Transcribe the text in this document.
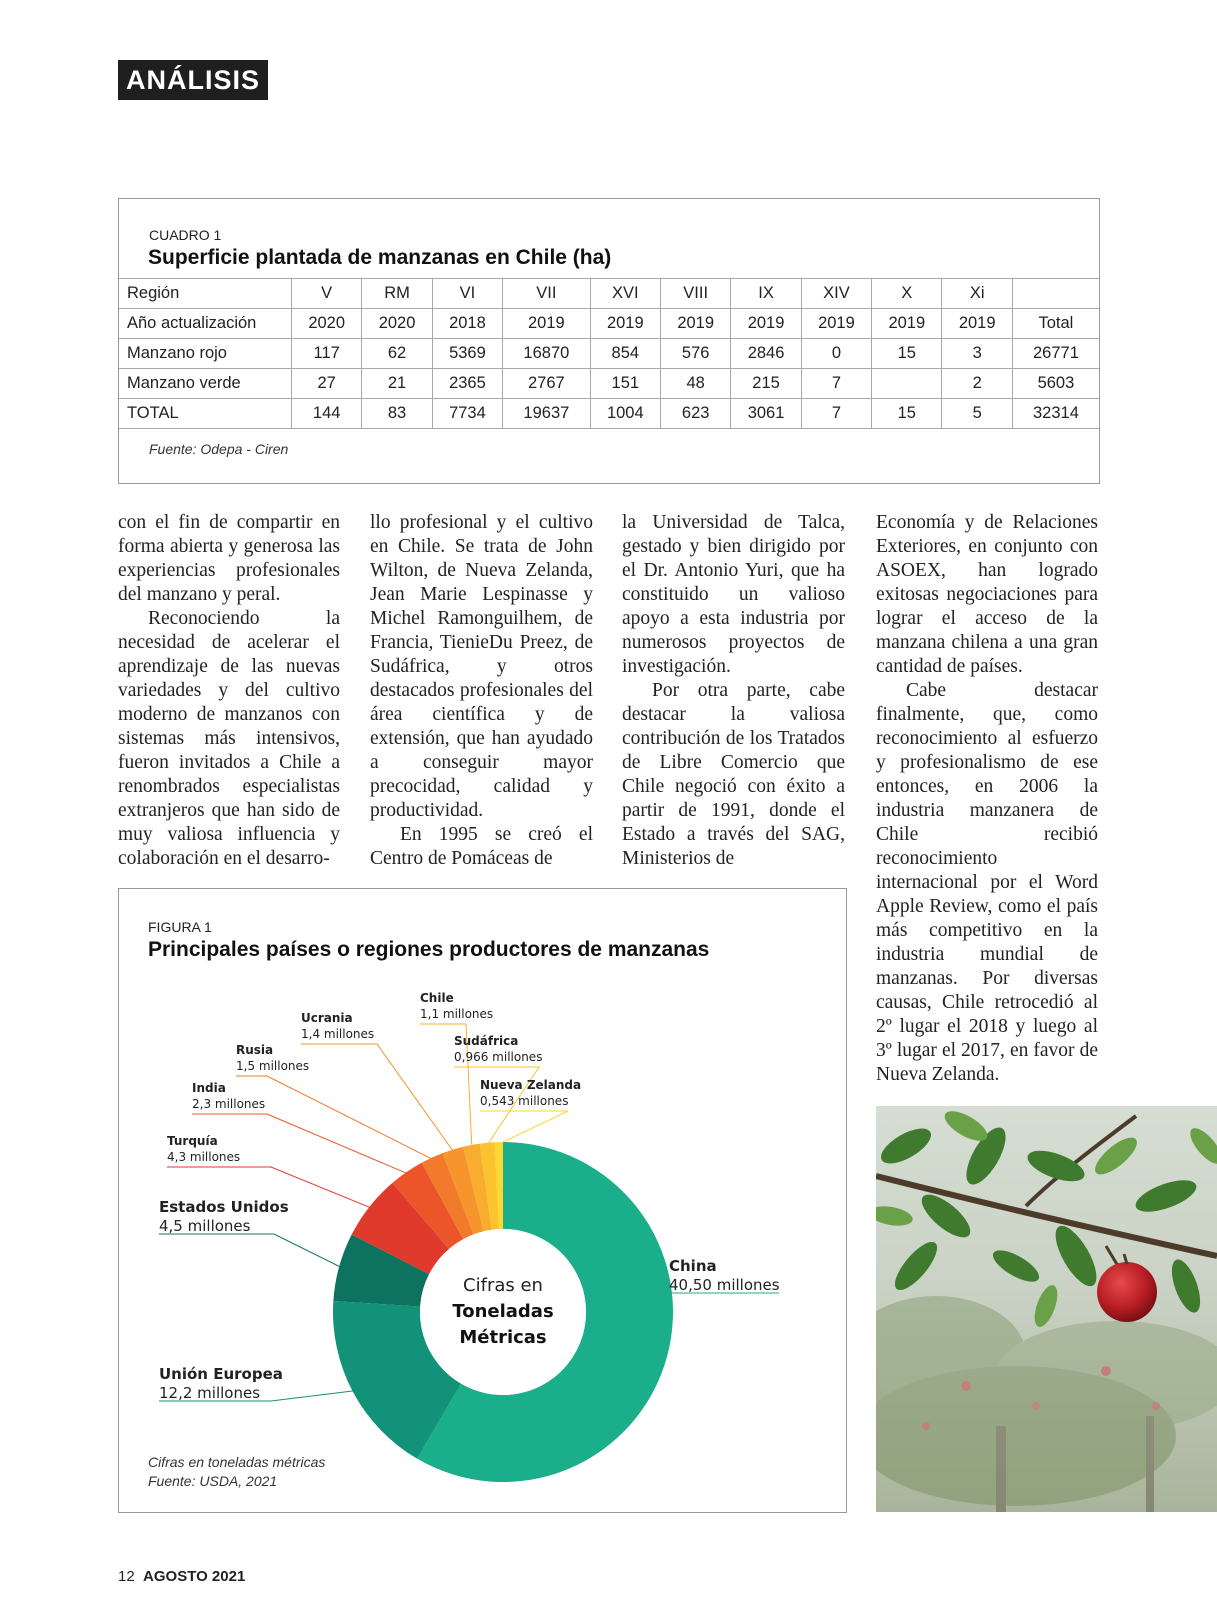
ANÁLISIS
CUADRO 1
Superficie plantada de manzanas en Chile (ha)
Región	V	RM	VI	VII	XVI	VIII	IX	XIV	X	Xi	
Año actualización	2020	2020	2018	2019	2019	2019	2019	2019	2019	2019	Total
Manzano rojo	117	62	5369	16870	854	576	2846	0	15	3	26771
Manzano verde	27	21	2365	2767	151	48	215	7		2	5603
TOTAL	144	83	7734	19637	1004	623	3061	7	15	5	32314
Fuente: Odepa - Ciren

con el fin de compartir en forma abierta y generosa las experiencias profesionales del manzano y peral.

Reconociendo la necesidad de acelerar el aprendizaje de las nuevas variedades y del cultivo moderno de manzanos con sistemas más intensivos, fueron invitados a Chile a renombrados especialistas extranjeros que han sido de muy valiosa influencia y colaboración en el desarro-

llo profesional y el cultivo en Chile. Se trata de John Wilton, de Nueva Zelanda, Jean Marie Lespinasse y Michel Ramonguilhem, de Francia, TienieDu Preez, de Sudáfrica, y otros destacados profesionales del área científica y de extensión, que han ayudado a conseguir mayor precocidad, calidad y productividad.

En 1995 se creó el Centro de Pomáceas de

la Universidad de Talca, gestado y bien dirigido por el Dr. Antonio Yuri, que ha constituido un valioso apoyo a esta industria por numerosos proyectos de investigación.

Por otra parte, cabe destacar la valiosa contribución de los Tratados de Libre Comercio que Chile negoció con éxito a partir de 1991, donde el Estado a través del SAG, Ministerios de

Economía y de Relaciones Exteriores, en conjunto con ASOEX, han logrado exitosas negociaciones para lograr el acceso de la manzana chilena a una gran cantidad de países.

Cabe destacar finalmente, que, como reconocimiento al esfuerzo y profesionalismo de ese entonces, en 2006 la industria manzanera de Chile recibió reconocimiento internacional por el Word Apple Review, como el país más competitivo en la industria mundial de manzanas. Por diversas causas, Chile retrocedió al 2º lugar el 2018 y luego al 3º lugar el 2017, en favor de Nueva Zelanda.

FIGURA 1
Principales países o regiones productores de manzanas
China
40,50 millones
Unión Europea
12,2 millones
Estados Unidos
4,5 millones
Turquía
4,3 millones
India
2,3 millones
Rusia
1,5 millones
Ucrania
1,4 millones
Chile
1,1 millones
Sudáfrica
0,966 millones
Nueva Zelanda
0,543 millones
Cifras en
Toneladas
Métricas
Cifras en toneladas métricas
Fuente: USDA, 2021
12 AGOSTO 2021
